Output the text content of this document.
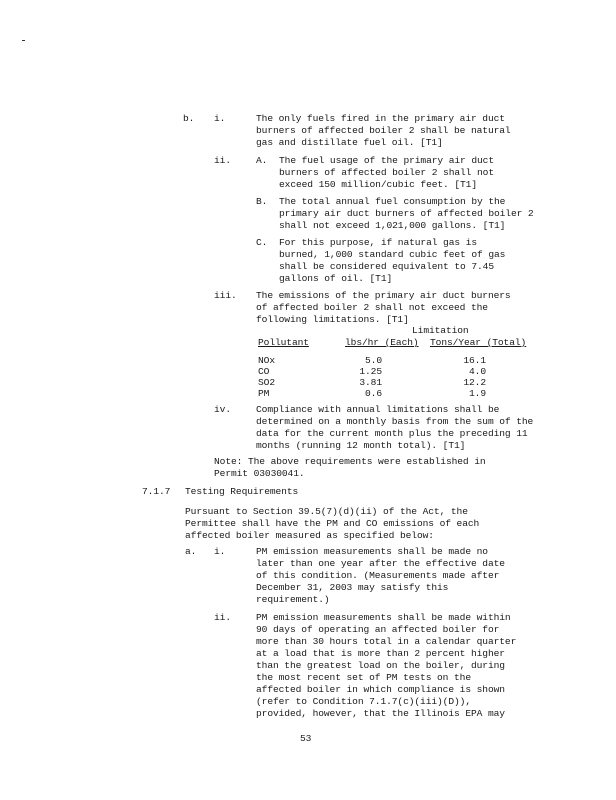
b. i.	The only fuels fired in the primary air duct
burners of affected boiler 2 shall be natural
gas and distillate fuel oil. [T1]
ii.	A. The fuel usage of the primary air duct
burners of affected boiler 2 shall not
exceed 150 million/cubic feet. [T1]
B. The total annual fuel consumption by the
primary air duct burners of affected boiler 2
shall not exceed 1,021,000 gallons. [T1]
C. For this purpose, if natural gas is
burned, 1,000 standard cubic feet of gas
shall be considered equivalent to 7.45
gallons of oil. [T1]
iii. The emissions of the primary air duct burners
of affected boiler 2 shall not exceed the
following limitations. [T1]
Limitation
Pollutant	lbs/hr (Each) Tons/Year (Total)
NOx	5.0	16.1
CO	1.25	4.0
SO2	3.81	12.2
PM	0.6	1.9
iv.	Compliance with annual limitations shall be
determined on a monthly basis from the sum of the
data for the current month plus the preceding 11
months (running 12 month total). [T1]
Note: The above requirements were established in
Permit 03030041.
7.1.7 Testing Requirements
Pursuant to Section 39.5(7)(d)(ii) of the Act, the
Permittee shall have the PM and CO emissions of each
affected boiler measured as specified below:
a. i.	PM emission measurements shall be made no
later than one year after the effective date
of this condition. (Measurements made after
December 31, 2003 may satisfy this
requirement.)
ii.	PM emission measurements shall be made within
90 days of operating an affected boiler for
more than 30 hours total in a calendar quarter
at a load that is more than 2 percent higher
than the greatest load on the boiler, during
the most recent set of PM tests on the
affected boiler in which compliance is shown
(refer to Condition 7.1.7(c)(iii)(D)),
provided, however, that the Illinois EPA may
53
